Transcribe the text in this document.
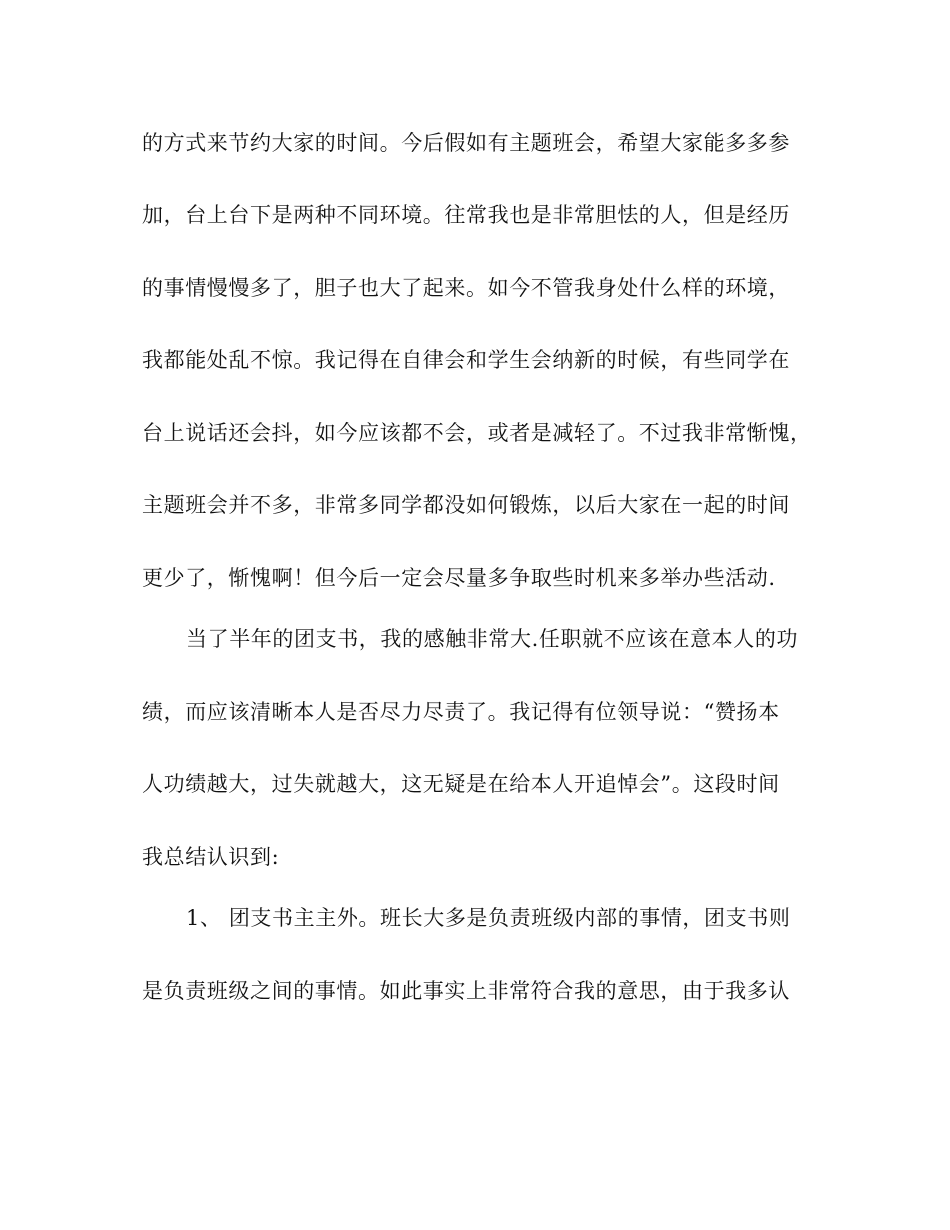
的方式来节约大家的时间。今后假如有主题班会，希望大家能多多参
加，台上台下是两种不同环境。往常我也是非常胆怯的人，但是经历
的事情慢慢多了，胆子也大了起来。如今不管我身处什么样的环境，
我都能处乱不惊。我记得在自律会和学生会纳新的时候，有些同学在
台上说话还会抖，如今应该都不会，或者是减轻了。不过我非常惭愧，
主题班会并不多，非常多同学都没如何锻炼，以后大家在一起的时间
更少了，惭愧啊！但今后一定会尽量多争取些时机来多举办些活动.
当了半年的团支书，我的感触非常大.任职就不应该在意本人的功
绩，而应该清晰本人是否尽力尽责了。我记得有位领导说：“赞扬本
人功绩越大，过失就越大，这无疑是在给本人开追悼会”。这段时间
我总结认识到:
1、 团支书主主外。班长大多是负责班级内部的事情，团支书则
是负责班级之间的事情。如此事实上非常符合我的意思，由于我多认
